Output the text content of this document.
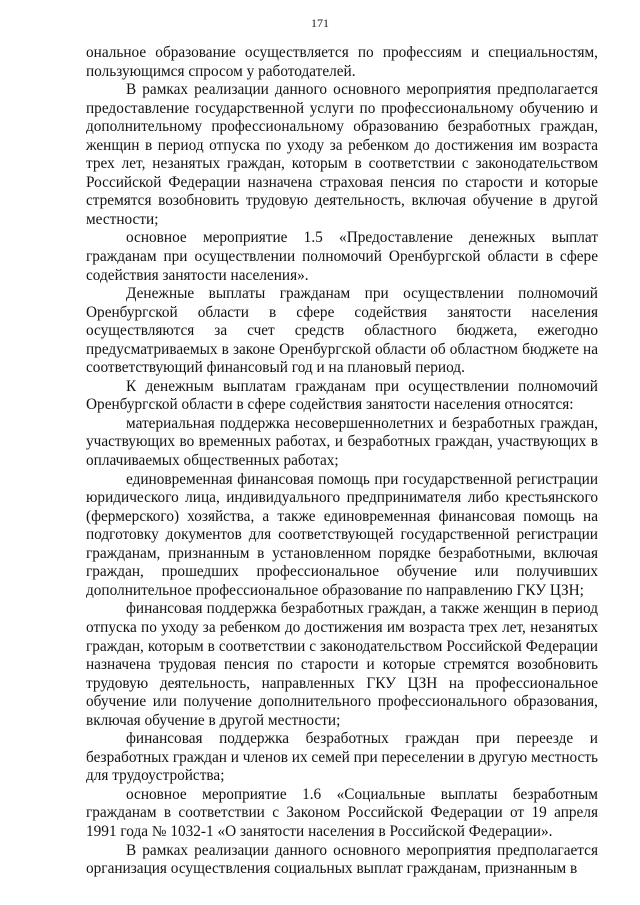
171

ональное образование осуществляется по профессиям и специальностям, пользующимся спросом у работодателей.

В рамках реализации данного основного мероприятия предполагается предоставление государственной услуги по профессиональному обучению и дополнительному профессиональному образованию безработных граждан, женщин в период отпуска по уходу за ребенком до достижения им возраста трех лет, незанятых граждан, которым в соответствии с законодательством Российской Федерации назначена страховая пенсия по старости и которые стремятся возобновить трудовую деятельность, включая обучение в другой местности;

основное мероприятие 1.5 «Предоставление денежных выплат гражданам при осуществлении полномочий Оренбургской области в сфере содействия занятости населения».

Денежные выплаты гражданам при осуществлении полномочий Оренбургской области в сфере содействия занятости населения осуществляются за счет средств областного бюджета, ежегодно предусматриваемых в законе Оренбургской области об областном бюджете на соответствующий финансовый год и на плановый период.

К денежным выплатам гражданам при осуществлении полномочий Оренбургской области в сфере содействия занятости населения относятся:

материальная поддержка несовершеннолетних и безработных граждан, участвующих во временных работах, и безработных граждан, участвующих в оплачиваемых общественных работах;

единовременная финансовая помощь при государственной регистрации юридического лица, индивидуального предпринимателя либо крестьянского (фермерского) хозяйства, а также единовременная финансовая помощь на подготовку документов для соответствующей государственной регистрации гражданам, признанным в установленном порядке безработными, включая граждан, прошедших профессиональное обучение или получивших дополнительное профессиональное образование по направлению ГКУ ЦЗН;

финансовая поддержка безработных граждан, а также женщин в период отпуска по уходу за ребенком до достижения им возраста трех лет, незанятых граждан, которым в соответствии с законодательством Российской Федерации назначена трудовая пенсия по старости и которые стремятся возобновить трудовую деятельность, направленных ГКУ ЦЗН на профессиональное обучение или получение дополнительного профессионального образования, включая обучение в другой местности;

финансовая поддержка безработных граждан при переезде и безработных граждан и членов их семей при переселении в другую местность для трудоустройства;

основное мероприятие 1.6 «Социальные выплаты безработным гражданам в соответствии с Законом Российской Федерации от 19 апреля 1991 года № 1032-1 «О занятости населения в Российской Федерации».

В рамках реализации данного основного мероприятия предполагается организация осуществления социальных выплат гражданам, признанным в
